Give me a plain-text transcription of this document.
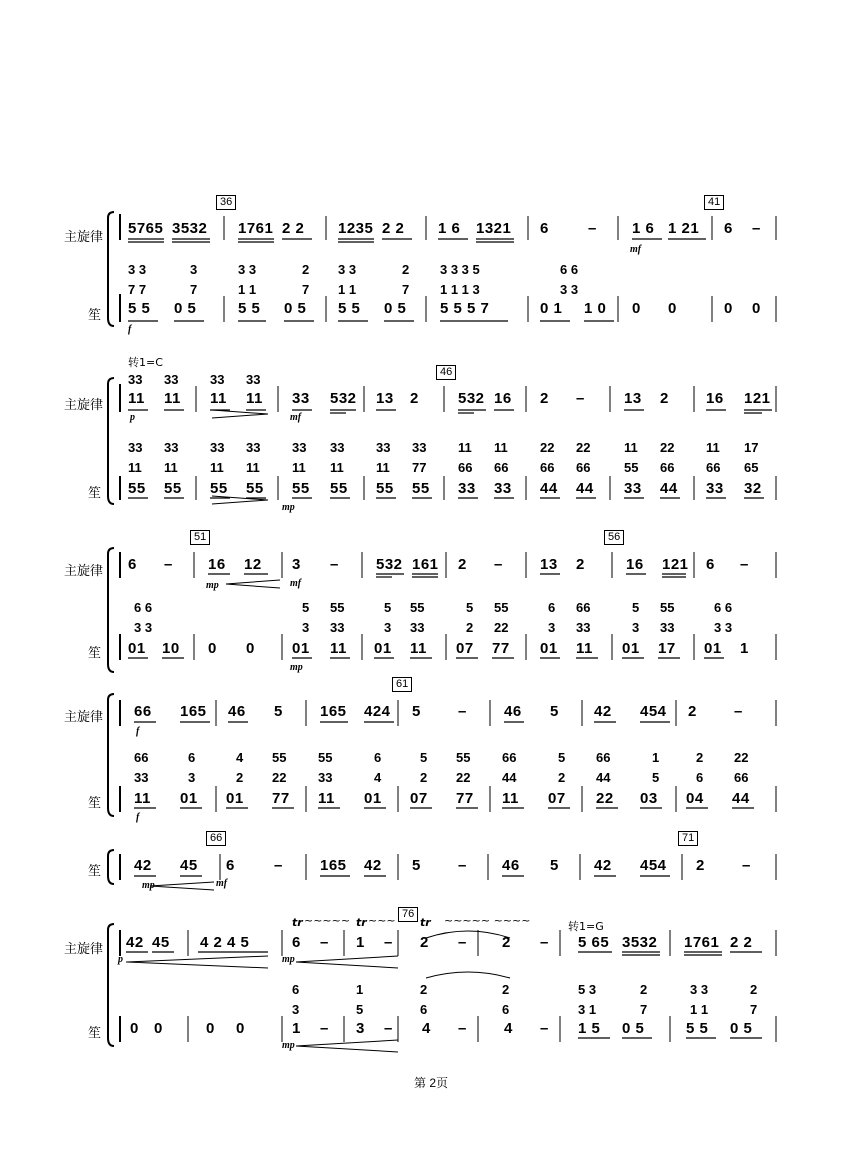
主旋律
笙
主旋律
笙
主旋律
笙
主旋律
笙
笙
主旋律
笙
36	41
46
51	56
61
66	71
76
转1=C
转1=G
5765 3532 1761 2 2 1235 2 2 1 6 1321 6	– 1 6 1 21 6 –
mf
3 3	3	3 3	2 3 3	2 3 3 3 5	6 6
7 7	7	1 1	7 1 1	7 1 1 1 3	3 3
5 5 0 5	5 5 0 5 5 5 0 5 5 5 5 7	0 1 1 0 0 0	0 0
f
33 33 33 33
11 11 11 11 33 532 13 2	532 16 2 –	13 2 16 121
p	mf
33 33 33 33 33 33 33 33 11 11 22 22	11 22 11 17
11 11 11 11 11 11 11 77 66 66 66 66	55 66 66 65
55 55 55 55 55 55 55 55 33 33 44 44 33 44 33 32
mp
6 – 16 12 3 – 532 161 2 – 13 2	16 121 6 –
mp	mf
6 6	5 55	5 55	5 55	6 66	5 55	6 6
3 3	3 33	3 33	2 22	3 33	3 33	3 3
01 10 0 0 01 11 01 11 07 77 01 11 01 17 01 1
mp
66 165 46 5 165 424 5 – 46 5 42 454 2 –
f
66	6	4 55 55	6	5 55 66	5 66	1	2 22
33	3	2 22 33	4	2 22 44	2 44	5	6 66
11 01 01 77 11 01 07 77 11 07 22 03 04 44
f
42 45 6	– 165 42 5 – 46 5 42 454 2 –
mp	mf
tr ~~~~~ tr ~~~ tr ~~~~~ ~~~~
42 45 4 2 4 5	6 – 1 – 2 – 2 – 5 65 3532 1761 2 2
p	mp
6	1	2	2	5 3	2	3 3	2
3	5	6	6	3 1	7	1 1	7
0 0	0 0	1 – 3 – 4 – 4 – 1 5 0 5	5 5 0 5
mp
第 2页
